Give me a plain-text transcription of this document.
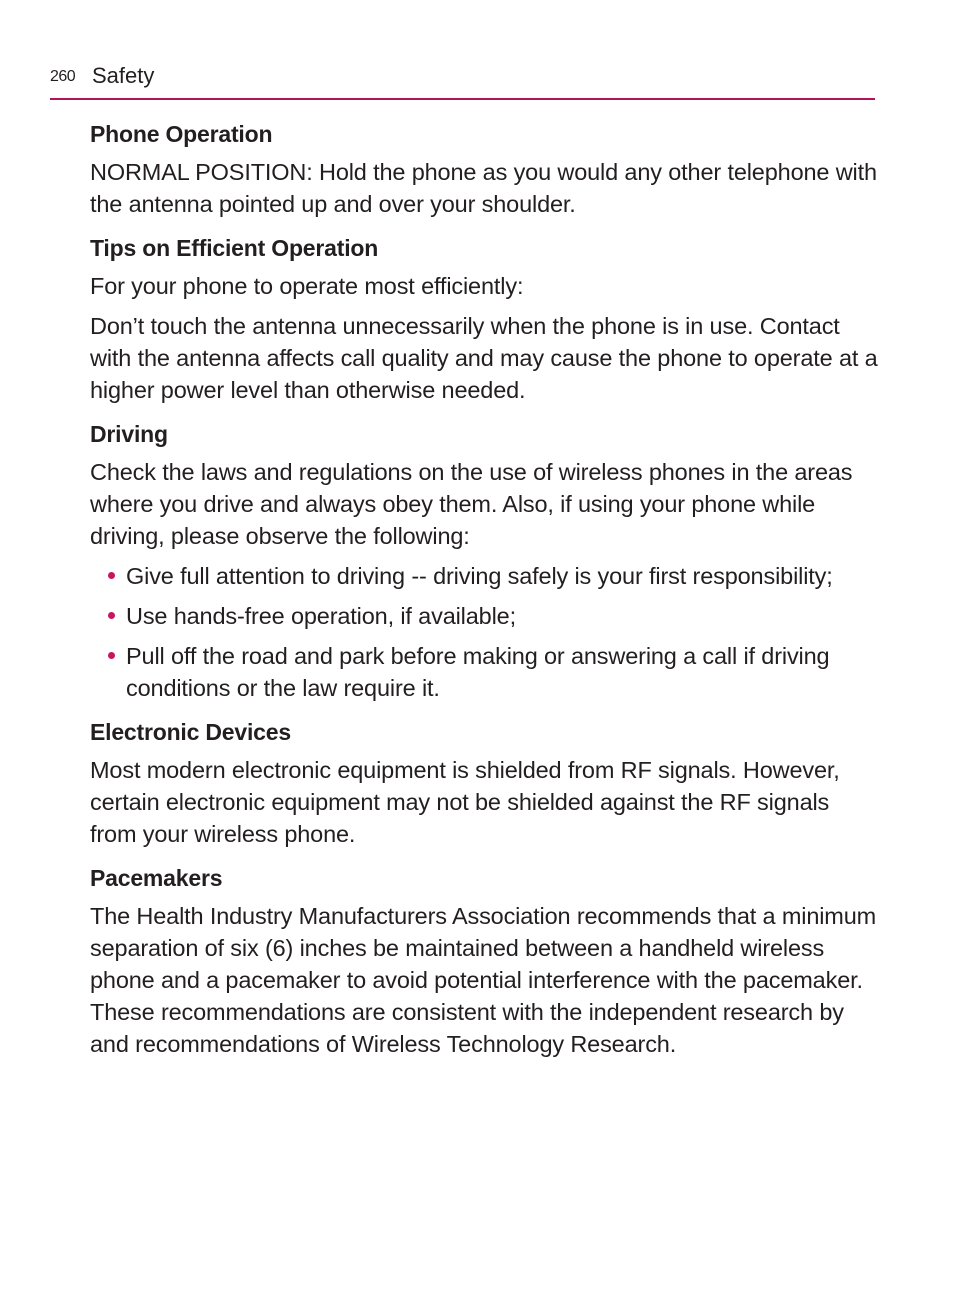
260 Safety
Phone Operation

NORMAL POSITION: Hold the phone as you would any other telephone with the antenna pointed up and over your shoulder.

Tips on Efficient Operation

For your phone to operate most efficiently:

Don’t touch the antenna unnecessarily when the phone is in use. Contact with the antenna affects call quality and may cause the phone to operate at a higher power level than otherwise needed.

Driving

Check the laws and regulations on the use of wireless phones in the areas where you drive and always obey them. Also, if using your phone while driving, please observe the following:

Give full attention to driving -- driving safely is your first responsibility;
Use hands-free operation, if available;
Pull off the road and park before making or answering a call if driving conditions or the law require it.
Electronic Devices

Most modern electronic equipment is shielded from RF signals. However, certain electronic equipment may not be shielded against the RF signals from your wireless phone.

Pacemakers

The Health Industry Manufacturers Association recommends that a minimum separation of six (6) inches be maintained between a handheld wireless phone and a pacemaker to avoid potential interference with the pacemaker. These recommendations are consistent with the independent research by and recommendations of Wireless Technology Research.
